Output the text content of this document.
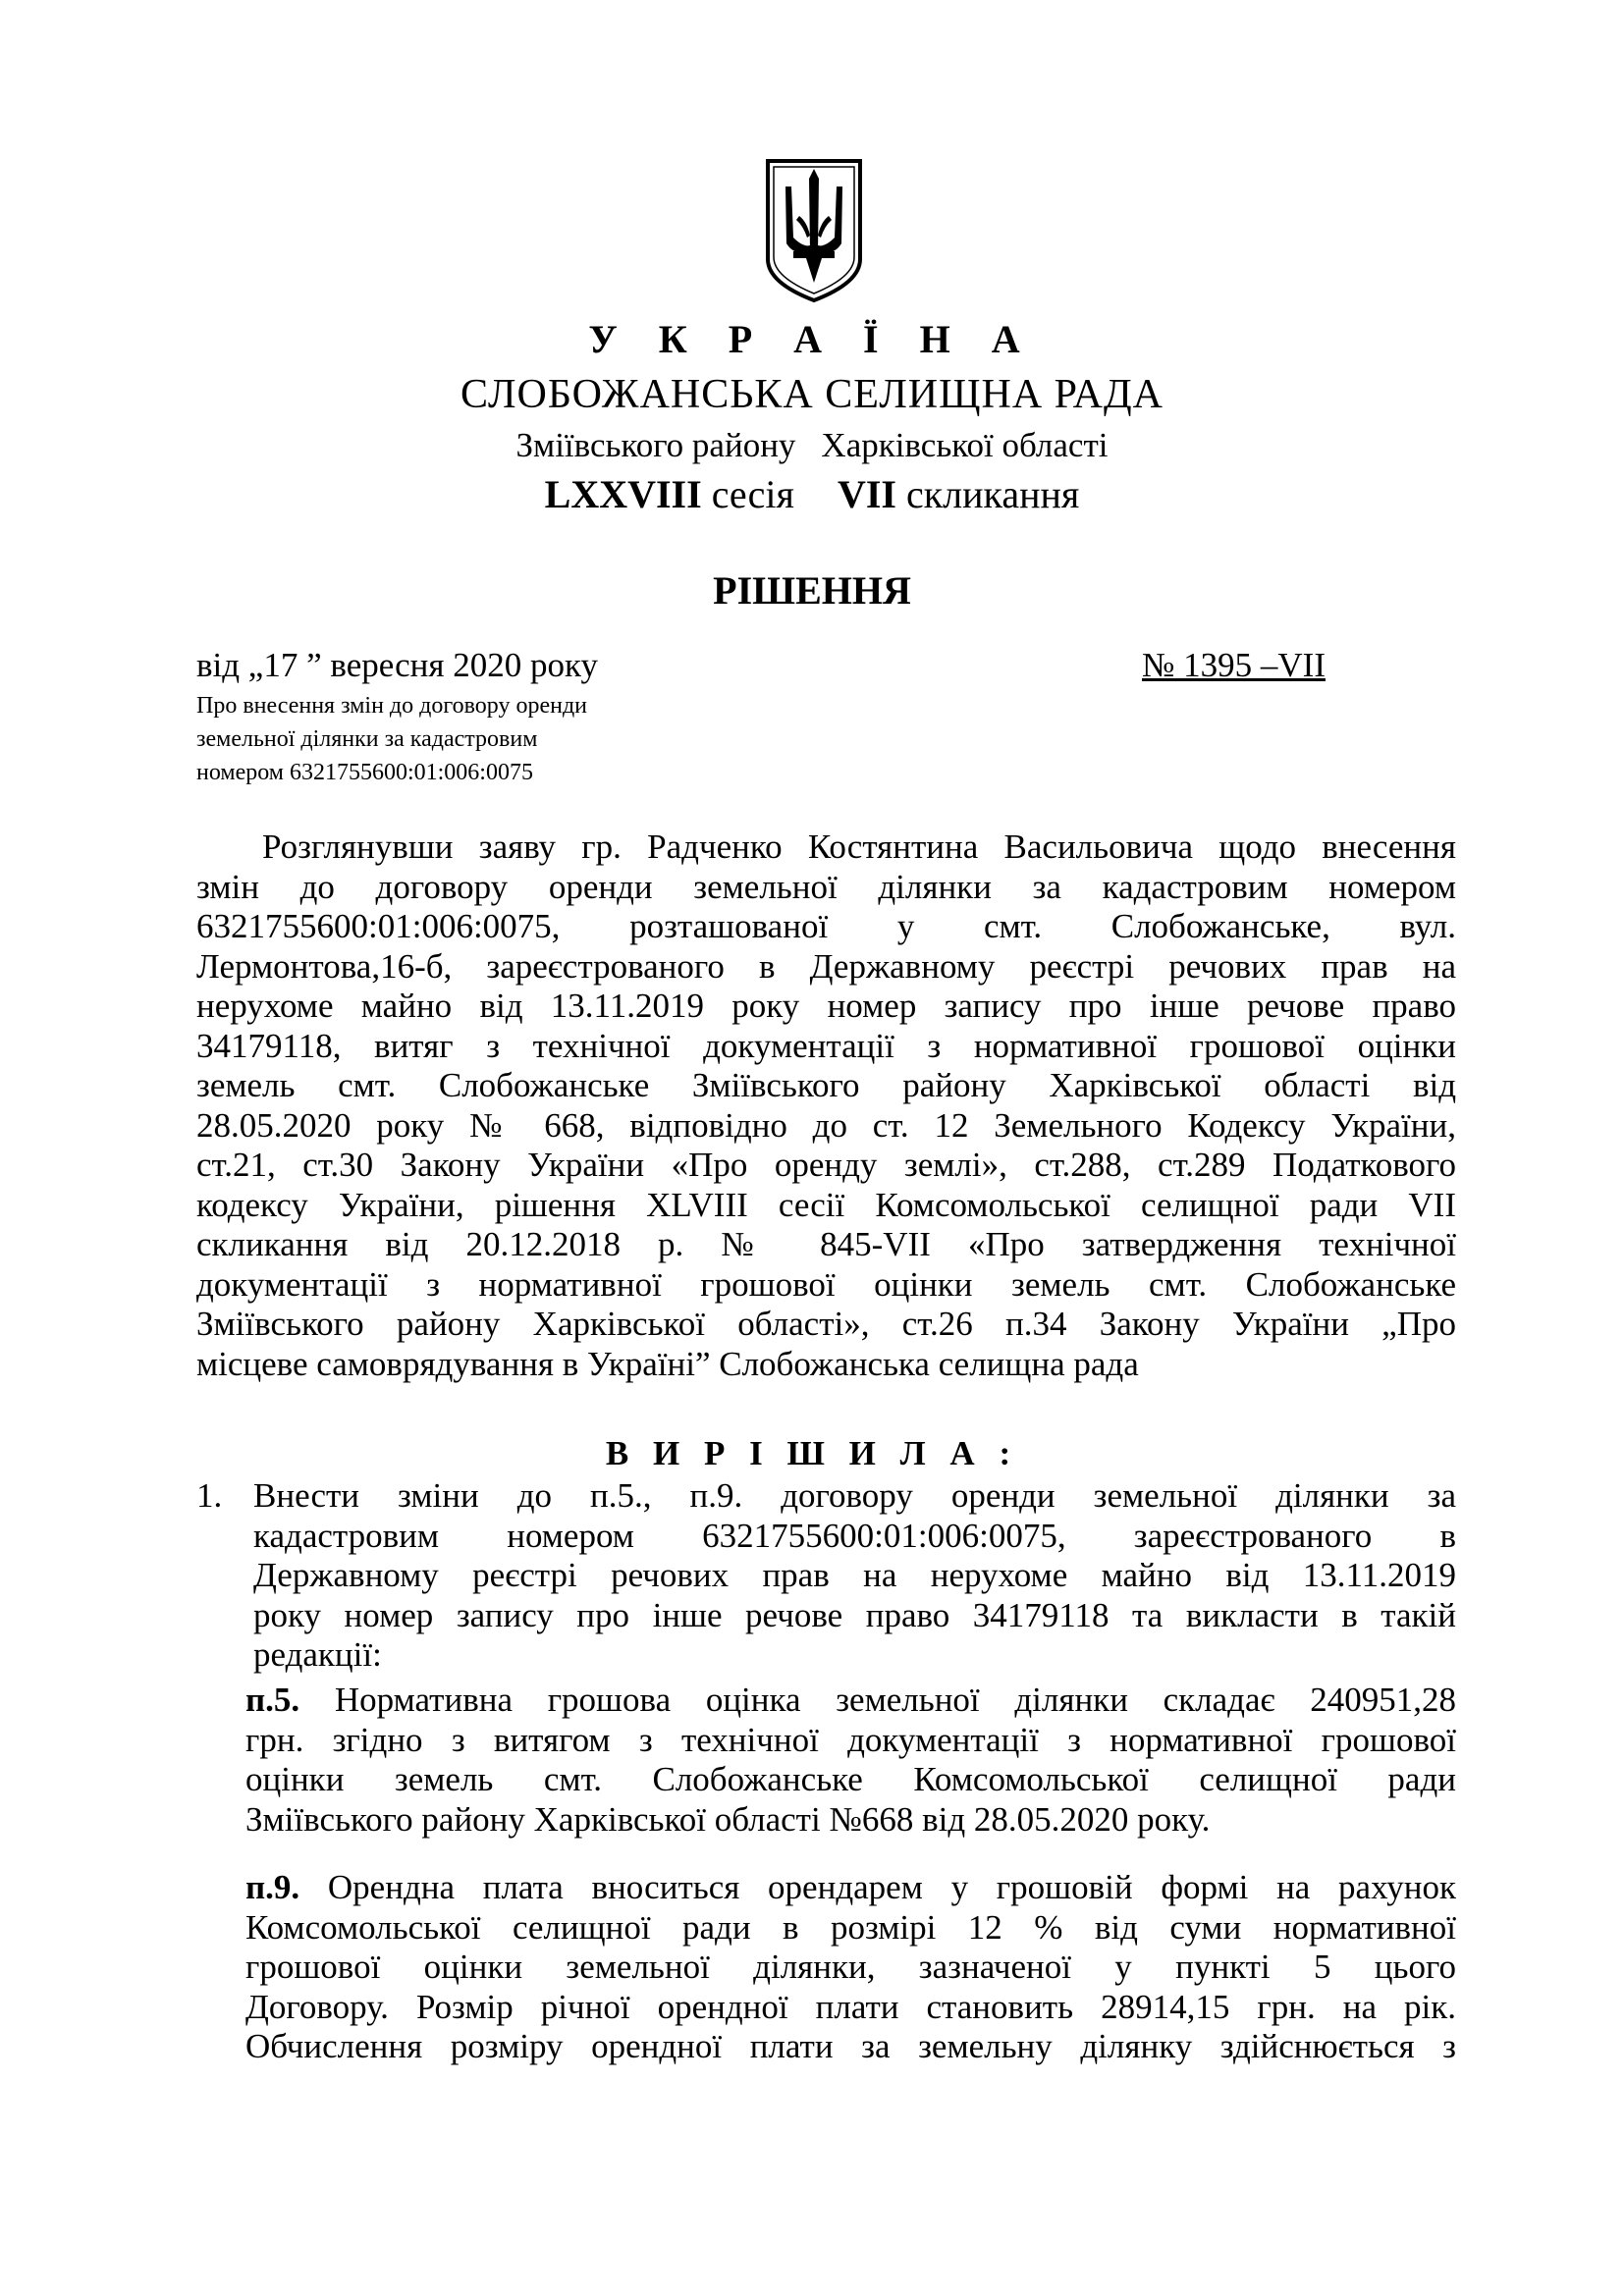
У К Р А Ї Н А
СЛОБОЖАНСЬКА СЕЛИЩНА РАДА
Зміївського району Харківської області
LXXVIII сесія VII скликання
РІШЕННЯ
від „17 ” вересня 2020 року	№ 1395 –VII
Про внесення змін до договору оренди
земельної ділянки за кадастровим
номером 6321755600:01:006:0075
Розглянувши заяву гр. Радченко Костянтина Васильовича щодо внесення
змін до договору оренди земельної ділянки за кадастровим номером
6321755600:01:006:0075, розташованої у смт. Слобожанське, вул.
Лермонтова,16-б, зареєстрованого в Державному реєстрі речових прав на
нерухоме майно від 13.11.2019 року номер запису про інше речове право
34179118, витяг з технічної документації з нормативної грошової оцінки
земель смт. Слобожанське Зміївського району Харківської області від
28.05.2020 року № 668, відповідно до ст. 12 Земельного Кодексу України,
ст.21, ст.30 Закону України «Про оренду землі», ст.288, ст.289 Податкового
кодексу України, рішення XLVIII сесії Комсомольської селищної ради VII
скликання від 20.12.2018 р. № 845-VII «Про затвердження технічної
документації з нормативної грошової оцінки земель смт. Слобожанське
Зміївського району Харківської області», ст.26 п.34 Закону України „Про
місцеве самоврядування в Україні” Слобожанська селищна рада
В И Р І Ш И Л А :
1. Внести зміни до п.5., п.9. договору оренди земельної ділянки за
кадастровим номером 6321755600:01:006:0075, зареєстрованого в
Державному реєстрі речових прав на нерухоме майно від 13.11.2019
року номер запису про інше речове право 34179118 та викласти в такій
редакції:
п.5. Нормативна грошова оцінка земельної ділянки складає 240951,28
грн. згідно з витягом з технічної документації з нормативної грошової
оцінки земель смт. Слобожанське Комсомольської селищної ради
Зміївського району Харківської області №668 від 28.05.2020 року.
п.9. Орендна плата вноситься орендарем у грошовій формі на рахунок
Комсомольської селищної ради в розмірі 12 % від суми нормативної
грошової оцінки земельної ділянки, зазначеної у пункті 5 цього
Договору. Розмір річної орендної плати становить 28914,15 грн. на рік.
Обчислення розміру орендної плати за земельну ділянку здійснюється з
